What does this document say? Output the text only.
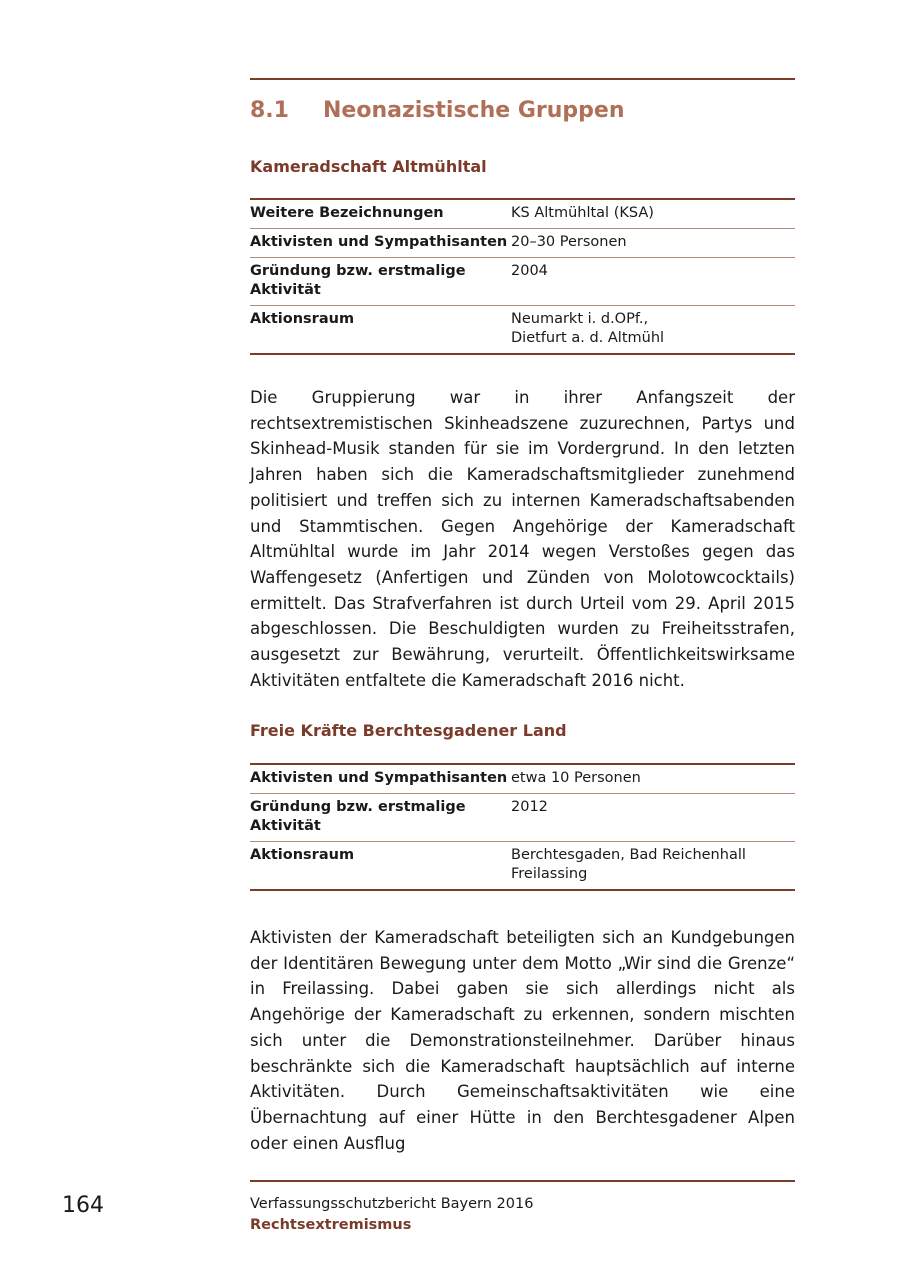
8.1 Neonazistische Gruppen
Kameradschaft Altmühltal
Weitere Bezeichnungen	KS Altmühltal (KSA)
Aktivisten und Sympathisanten	20–30 Personen
Gründung bzw. erstmalige Aktivität	2004
Aktionsraum	Neumarkt i. d.OPf.,
Dietfurt a. d. Altmühl

Die Gruppierung war in ihrer Anfangszeit der rechtsextremistischen Skinheadszene zuzurechnen, Partys und Skinhead-Musik standen für sie im Vordergrund. In den letzten Jahren haben sich die Kameradschaftsmitglieder zunehmend politisiert und treffen sich zu internen Kameradschaftsabenden und Stammtischen. Gegen Angehörige der Kameradschaft Altmühltal wurde im Jahr 2014 wegen Verstoßes gegen das Waffengesetz (Anfertigen und Zünden von Molotowcocktails) ermittelt. Das Strafverfahren ist durch Urteil vom 29. April 2015 abgeschlossen. Die Beschuldigten wurden zu Freiheitsstrafen, ausgesetzt zur Bewährung, verurteilt. Öffentlichkeitswirksame Aktivitäten entfaltete die Kameradschaft 2016 nicht.

Freie Kräfte Berchtesgadener Land
Aktivisten und Sympathisanten	etwa 10 Personen
Gründung bzw. erstmalige Aktivität	2012
Aktionsraum	Berchtesgaden, Bad Reichenhall
Freilassing

Aktivisten der Kameradschaft beteiligten sich an Kundgebungen der Identitären Bewegung unter dem Motto „Wir sind die Grenze“ in Freilassing. Dabei gaben sie sich allerdings nicht als Angehörige der Kameradschaft zu erkennen, sondern mischten sich unter die Demonstrationsteilnehmer. Darüber hinaus beschränkte sich die Kameradschaft hauptsächlich auf interne Aktivitäten. Durch Gemeinschaftsaktivitäten wie eine Übernachtung auf einer Hütte in den Berchtesgadener Alpen oder einen Ausflug

164	Verfassungsschutzbericht Bayern 2016
Rechtsextremismus
